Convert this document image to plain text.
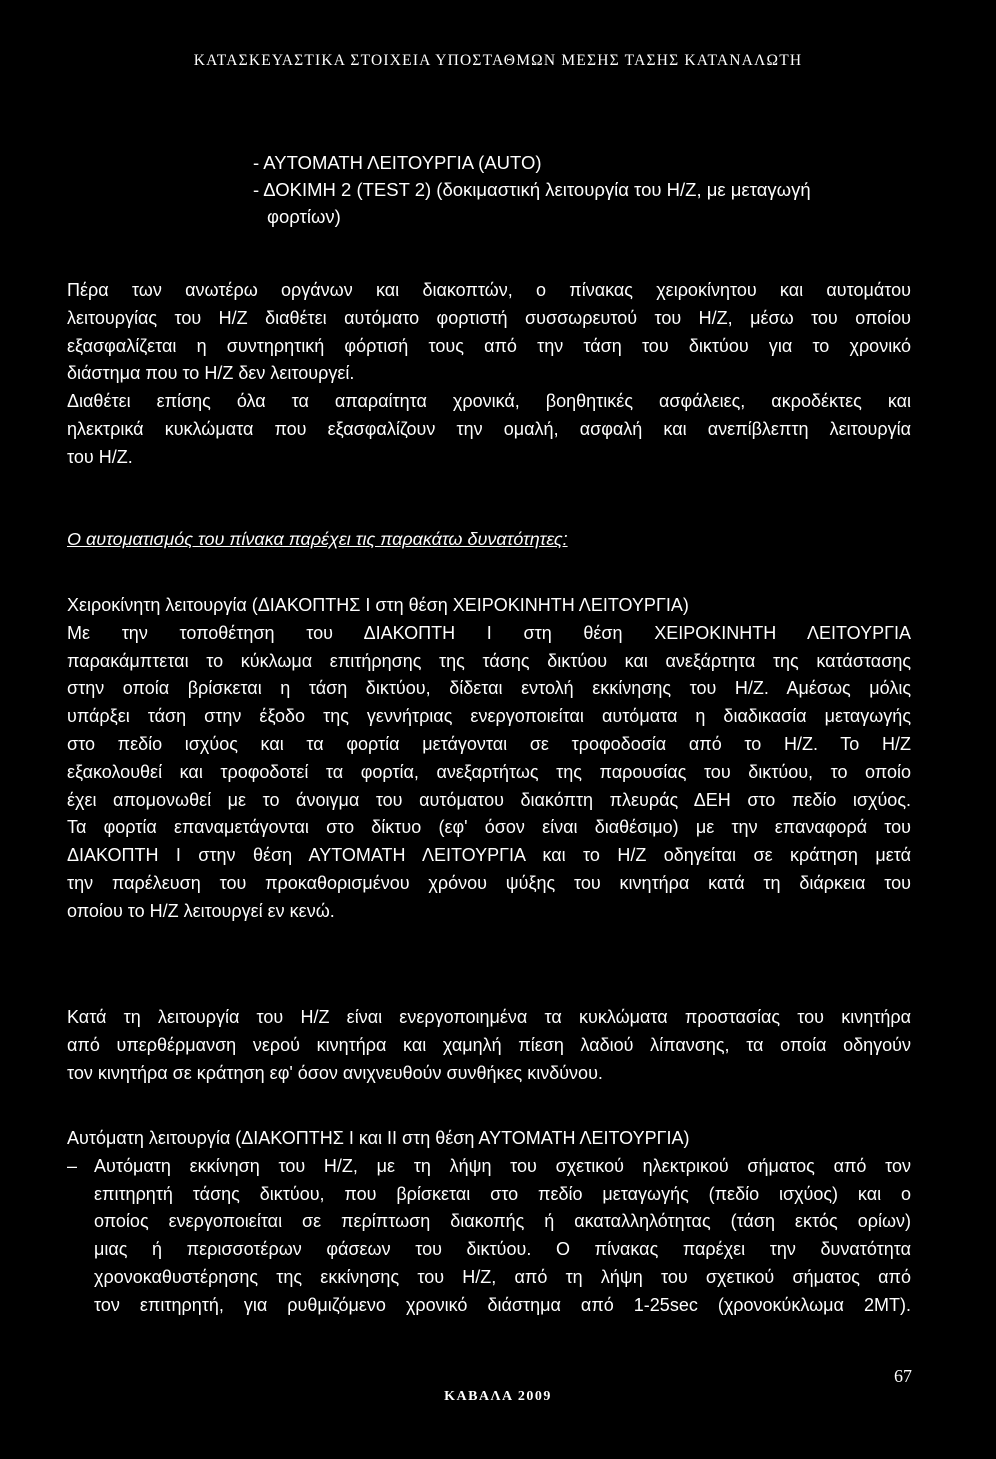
ΚΑΤΑΣΚΕΥΑΣΤΙΚΑ ΣΤΟΙΧΕΙΑ ΥΠΟΣΤΑΘΜΩΝ ΜΕΣΗΣ ΤΑΣΗΣ ΚΑΤΑΝΑΛΩΤΗ
- ΑΥΤΟΜΑΤΗ ΛΕΙΤΟΥΡΓΙΑ (AUTO)
- ΔΟΚΙΜΗ 2 (TEST 2) (δοκιμαστική λειτουργία του Η/Ζ, με μεταγωγή
φορτίων)
Πέρα των ανωτέρω οργάνων και διακοπτών, ο πίνακας χειροκίνητου και αυτομάτου
λειτουργίας του Η/Ζ διαθέτει αυτόματο φορτιστή συσσωρευτού του Η/Ζ, μέσω του οποίου
εξασφαλίζεται η συντηρητική φόρτισή τους από την τάση του δικτύου για το χρονικό
διάστημα που το Η/Ζ δεν λειτουργεί.
Διαθέτει επίσης όλα τα απαραίτητα χρονικά, βοηθητικές ασφάλειες, ακροδέκτες και
ηλεκτρικά κυκλώματα που εξασφαλίζουν την ομαλή, ασφαλή και ανεπίβλεπτη λειτουργία
του Η/Ζ.
Ο αυτοματισμός του πίνακα παρέχει τις παρακάτω δυνατότητες:
Χειροκίνητη λειτουργία (ΔΙΑΚΟΠΤΗΣ Ι στη θέση ΧΕΙΡΟΚΙΝΗΤΗ ΛΕΙΤΟΥΡΓΙΑ)
Με την τοποθέτηση του ΔΙΑΚΟΠΤΗ Ι στη θέση ΧΕΙΡΟΚΙΝΗΤΗ ΛΕΙΤΟΥΡΓΙΑ
παρακάμπτεται το κύκλωμα επιτήρησης της τάσης δικτύου και ανεξάρτητα της κατάστασης
στην οποία βρίσκεται η τάση δικτύου, δίδεται εντολή εκκίνησης του Η/Ζ. Αμέσως μόλις
υπάρξει τάση στην έξοδο της γεννήτριας ενεργοποιείται αυτόματα η διαδικασία μεταγωγής
στο πεδίο ισχύος και τα φορτία μετάγονται σε τροφοδοσία από το Η/Ζ. Το Η/Ζ
εξακολουθεί και τροφοδοτεί τα φορτία, ανεξαρτήτως της παρουσίας του δικτύου, το οποίο
έχει απομονωθεί με το άνοιγμα του αυτόματου διακόπτη πλευράς ΔΕΗ στο πεδίο ισχύος.
Τα φορτία επαναμετάγονται στο δίκτυο (εφ' όσον είναι διαθέσιμο) με την επαναφορά του
ΔΙΑΚΟΠΤΗ Ι στην θέση ΑΥΤΟΜΑΤΗ ΛΕΙΤΟΥΡΓΙΑ και το Η/Ζ οδηγείται σε κράτηση μετά
την παρέλευση του προκαθορισμένου χρόνου ψύξης του κινητήρα κατά τη διάρκεια του
οποίου το Η/Ζ λειτουργεί εν κενώ.
Κατά τη λειτουργία του Η/Ζ είναι ενεργοποιημένα τα κυκλώματα προστασίας του κινητήρα
από υπερθέρμανση νερού κινητήρα και χαμηλή πίεση λαδιού λίπανσης, τα οποία οδηγούν
τον κινητήρα σε κράτηση εφ' όσον ανιχνευθούν συνθήκες κινδύνου.
Αυτόματη λειτουργία (ΔΙΑΚΟΠΤΗΣ Ι και ΙΙ στη θέση ΑΥΤΟΜΑΤΗ ΛΕΙΤΟΥΡΓΙΑ)
– Αυτόματη εκκίνηση του Η/Ζ, με τη λήψη του σχετικού ηλεκτρικού σήματος από τον
επιτηρητή τάσης δικτύου, που βρίσκεται στο πεδίο μεταγωγής (πεδίο ισχύος) και ο
οποίος ενεργοποιείται σε περίπτωση διακοπής ή ακαταλληλότητας (τάση εκτός ορίων)
μιας ή περισσοτέρων φάσεων του δικτύου. Ο πίνακας παρέχει την δυνατότητα
χρονοκαθυστέρησης της εκκίνησης του Η/Ζ, από τη λήψη του σχετικού σήματος από
τον επιτηρητή, για ρυθμιζόμενο χρονικό διάστημα από 1-25sec (χρονοκύκλωμα 2ΜΤ).
67
ΚΑΒΑΛΑ 2009
